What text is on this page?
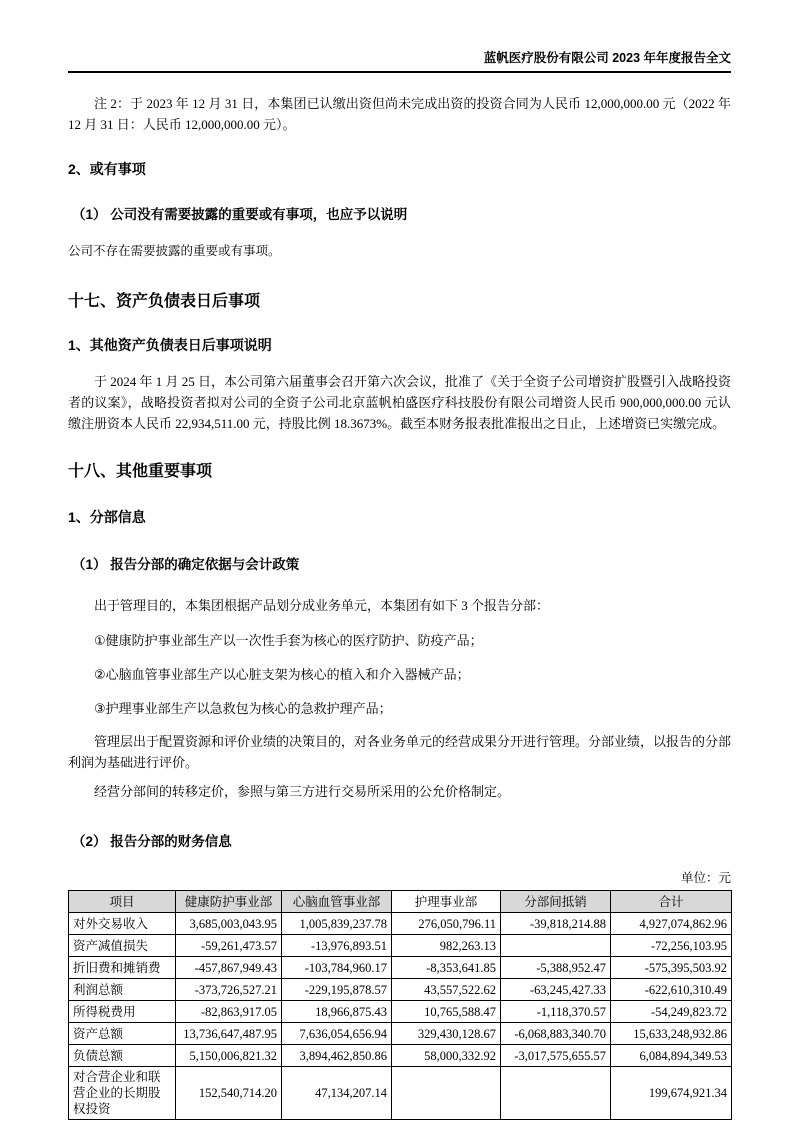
蓝帆医疗股份有限公司 2023 年年度报告全文

注 2：于 2023 年 12 月 31 日，本集团已认缴出资但尚未完成出资的投资合同为人民币 12,000,000.00 元（2022 年 12 月 31 日：人民币 12,000,000.00 元）。

2、或有事项
（1） 公司没有需要披露的重要或有事项，也应予以说明

公司不存在需要披露的重要或有事项。

十七、资产负债表日后事项
1、其他资产负债表日后事项说明

于 2024 年 1 月 25 日，本公司第六届董事会召开第六次会议，批准了《关于全资子公司增资扩股暨引入战略投资者的议案》，战略投资者拟对公司的全资子公司北京蓝帆柏盛医疗科技股份有限公司增资人民币 900,000,000.00 元认缴注册资本人民币 22,934,511.00 元，持股比例 18.3673%。截至本财务报表批准报出之日止，上述增资已实缴完成。

十八、其他重要事项
1、分部信息
（1） 报告分部的确定依据与会计政策

出于管理目的，本集团根据产品划分成业务单元，本集团有如下 3 个报告分部：

①健康防护事业部生产以一次性手套为核心的医疗防护、防疫产品；

②心脑血管事业部生产以心脏支架为核心的植入和介入器械产品；

③护理事业部生产以急救包为核心的急救护理产品；

管理层出于配置资源和评价业绩的决策目的，对各业务单元的经营成果分开进行管理。分部业绩，以报告的分部利润为基础进行评价。

经营分部间的转移定价，参照与第三方进行交易所采用的公允价格制定。

（2） 报告分部的财务信息
单位：元
项目	健康防护事业部	心脑血管事业部	护理事业部	分部间抵销	合计
对外交易收入	3,685,003,043.95	1,005,839,237.78	276,050,796.11	-39,818,214.88	4,927,074,862.96
资产减值损失	-59,261,473.57	-13,976,893.51	982,263.13		-72,256,103.95
折旧费和摊销费	-457,867,949.43	-103,784,960.17	-8,353,641.85	-5,388,952.47	-575,395,503.92
利润总额	-373,726,527.21	-229,195,878.57	43,557,522.62	-63,245,427.33	-622,610,310.49
所得税费用	-82,863,917.05	18,966,875.43	10,765,588.47	-1,118,370.57	-54,249,823.72
资产总额	13,736,647,487.95	7,636,054,656.94	329,430,128.67	-6,068,883,340.70	15,633,248,932.86
负债总额	5,150,006,821.32	3,894,462,850.86	58,000,332.92	-3,017,575,655.57	6,084,894,349.53
对合营企业和联营企业的长期股权投资	152,540,714.20	47,134,207.14			199,674,921.34
